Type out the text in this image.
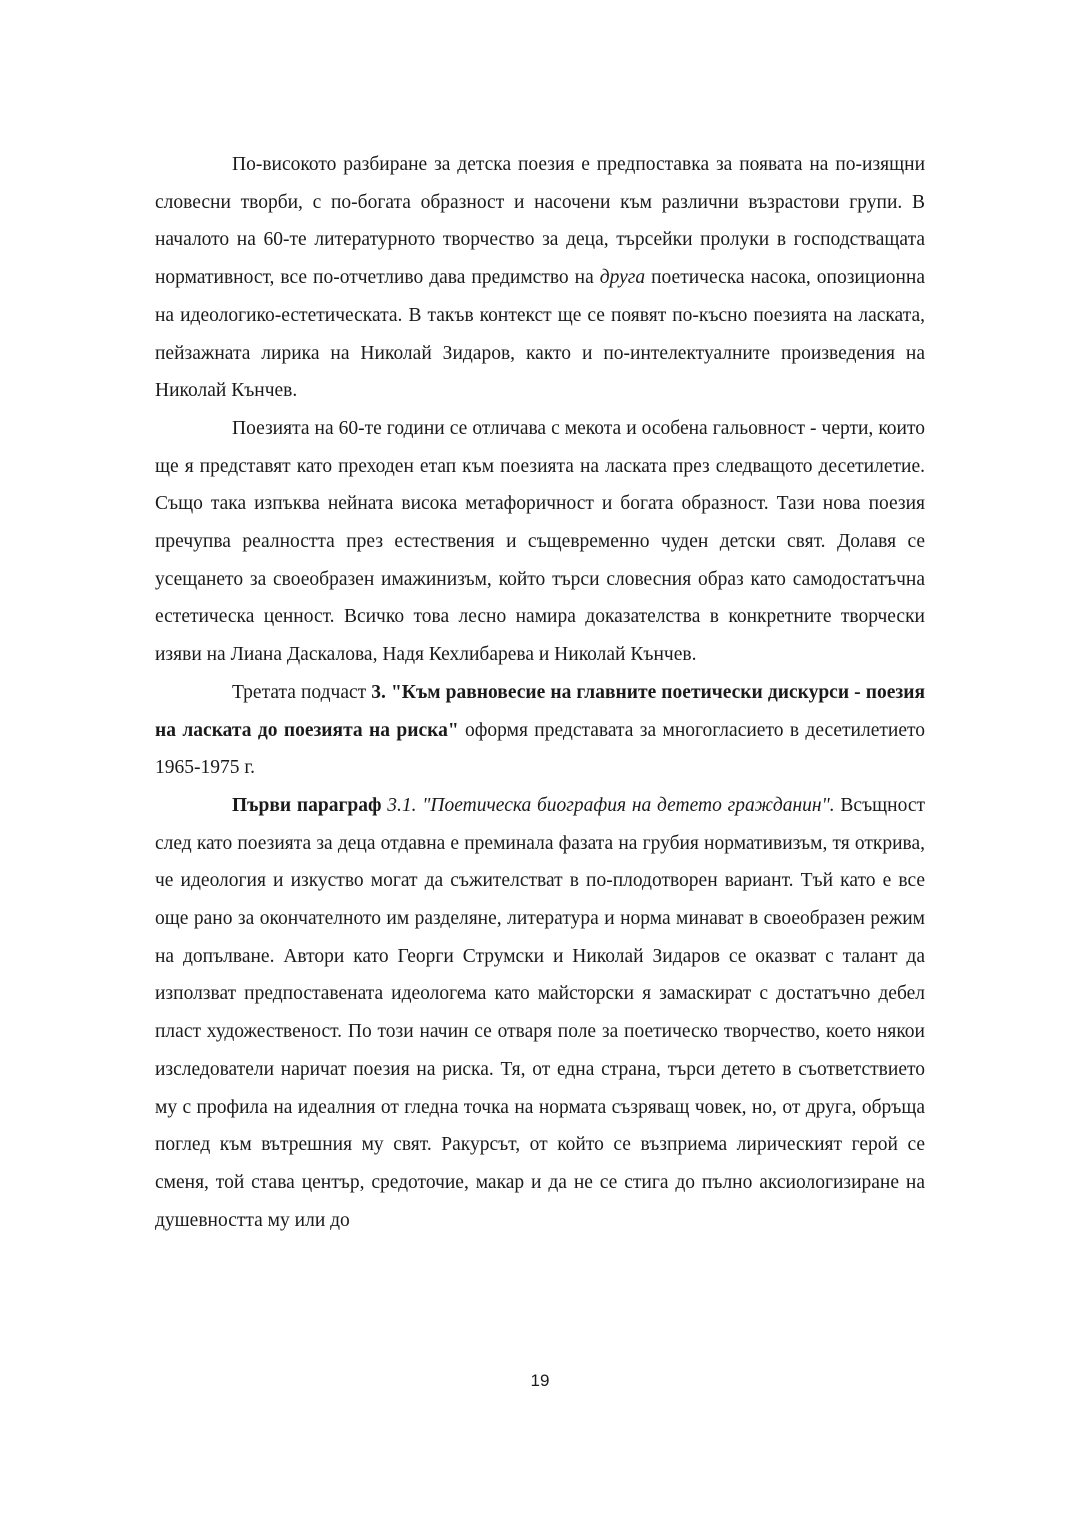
По-високото разбиране за детска поезия е предпоставка за появата на по-изящни словесни творби, с по-богата образност и насочени към различни възрастови групи. В началото на 60-те литературното творчество за деца, търсейки пролуки в господстващата нормативност, все по-отчетливо дава предимство на друга поетическа насока, опозиционна на идеологико-естетическата. В такъв контекст ще се появят по-късно поезията на ласката, пейзажната лирика на Николай Зидаров, както и по-интелектуалните произведения на Николай Кънчев.

Поезията на 60-те години се отличава с мекота и особена гальовност - черти, които ще я представят като преходен етап към поезията на ласката през следващото десетилетие. Също така изпъква нейната висока метафоричност и богата образност. Тази нова поезия пречупва реалността през естествения и същевременно чуден детски свят. Долавя се усещането за своеобразен имажинизъм, който търси словесния образ като самодостатъчна естетическа ценност. Всичко това лесно намира доказателства в конкретните творчески изяви на Лиана Даскалова, Надя Кехлибарева и Николай Кънчев.

Третата подчаст 3. "Към равновесие на главните поетически дискурси - поезия на ласката до поезията на риска" оформя представата за многогласието в десетилетието 1965-1975 г.

Първи параграф 3.1. "Поетическа биография на детето гражданин". Всъщност след като поезията за деца отдавна е преминала фазата на грубия нормативизъм, тя открива, че идеология и изкуство могат да съжителстват в по-плодотворен вариант. Тъй като е все още рано за окончателното им разделяне, литература и норма минават в своеобразен режим на допълване. Автори като Георги Струмски и Николай Зидаров се оказват с талант да използват предпоставената идеологема като майсторски я замаскират с достатъчно дебел пласт художественост. По този начин се отваря поле за поетическо творчество, което някои изследователи наричат поезия на риска. Тя, от една страна, търси детето в съответствието му с профила на идеалния от гледна точка на нормата съзряващ човек, но, от друга, обръща поглед към вътрешния му свят. Ракурсът, от който се възприема лирическият герой се сменя, той става център, средоточие, макар и да не се стига до пълно аксиологизиране на душевността му или до

19
